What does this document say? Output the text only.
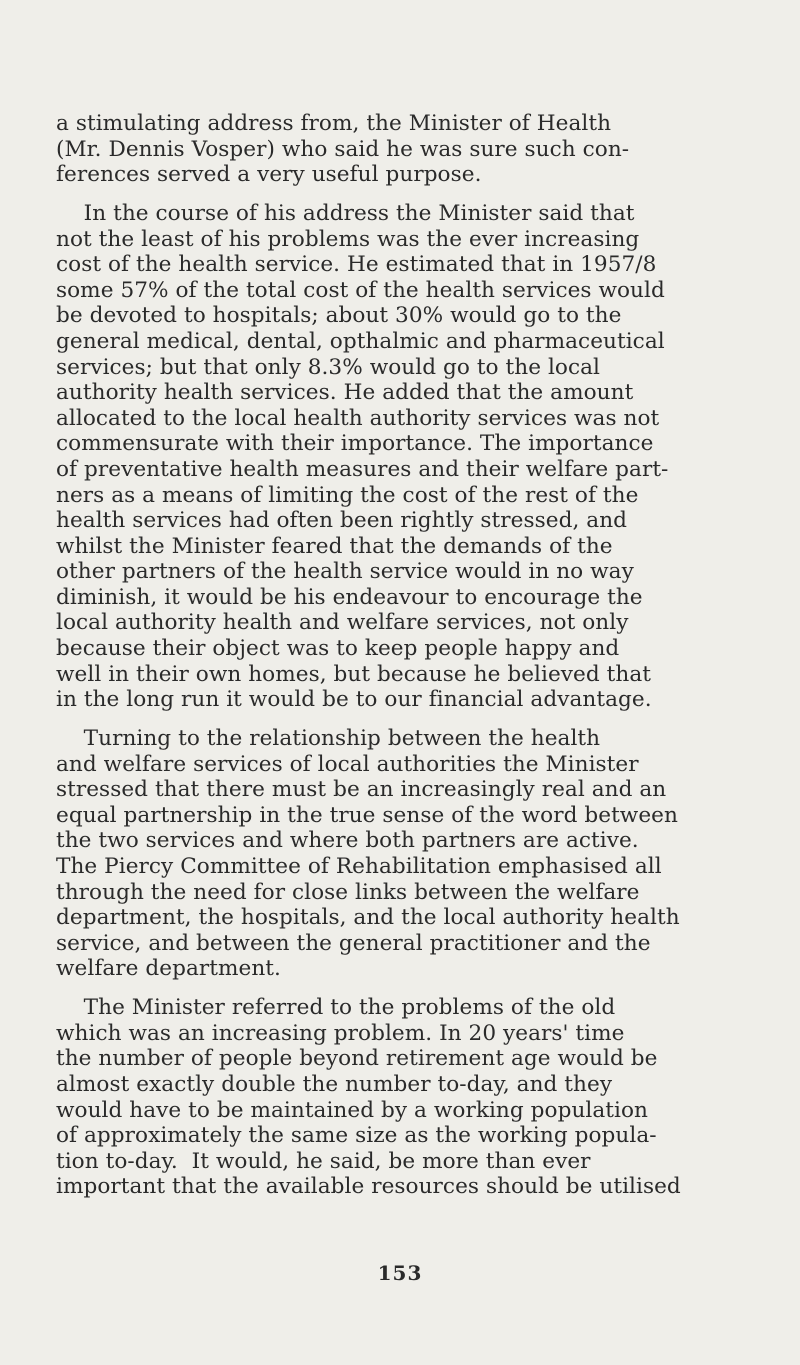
a stimulating address from, the Minister of Health
(Mr. Dennis Vosper) who said he was sure such con-
ferences served a very useful purpose.
In the course of his address the Minister said that
not the least of his problems was the ever increasing
cost of the health service. He estimated that in 1957/8
some 57% of the total cost of the health services would
be devoted to hospitals; about 30% would go to the
general medical, dental, opthalmic and pharmaceutical
services; but that only 8.3% would go to the local
authority health services. He added that the amount
allocated to the local health authority services was not
commensurate with their importance. The importance
of preventative health measures and their welfare part-
ners as a means of limiting the cost of the rest of the
health services had often been rightly stressed, and
whilst the Minister feared that the demands of the
other partners of the health service would in no way
diminish, it would be his endeavour to encourage the
local authority health and welfare services, not only
because their object was to keep people happy and
well in their own homes, but because he believed that
in the long run it would be to our financial advantage.
Turning to the relationship between the health
and welfare services of local authorities the Minister
stressed that there must be an increasingly real and an
equal partnership in the true sense of the word between
the two services and where both partners are active.
The Piercy Committee of Rehabilitation emphasised all
through the need for close links between the welfare
department, the hospitals, and the local authority health
service, and between the general practitioner and the
welfare department.
The Minister referred to the problems of the old
which was an increasing problem. In 20 years' time
the number of people beyond retirement age would be
almost exactly double the number to-day, and they
would have to be maintained by a working population
of approximately the same size as the working popula-
tion to-day.  It would, he said, be more than ever
important that the available resources should be utilised
153
